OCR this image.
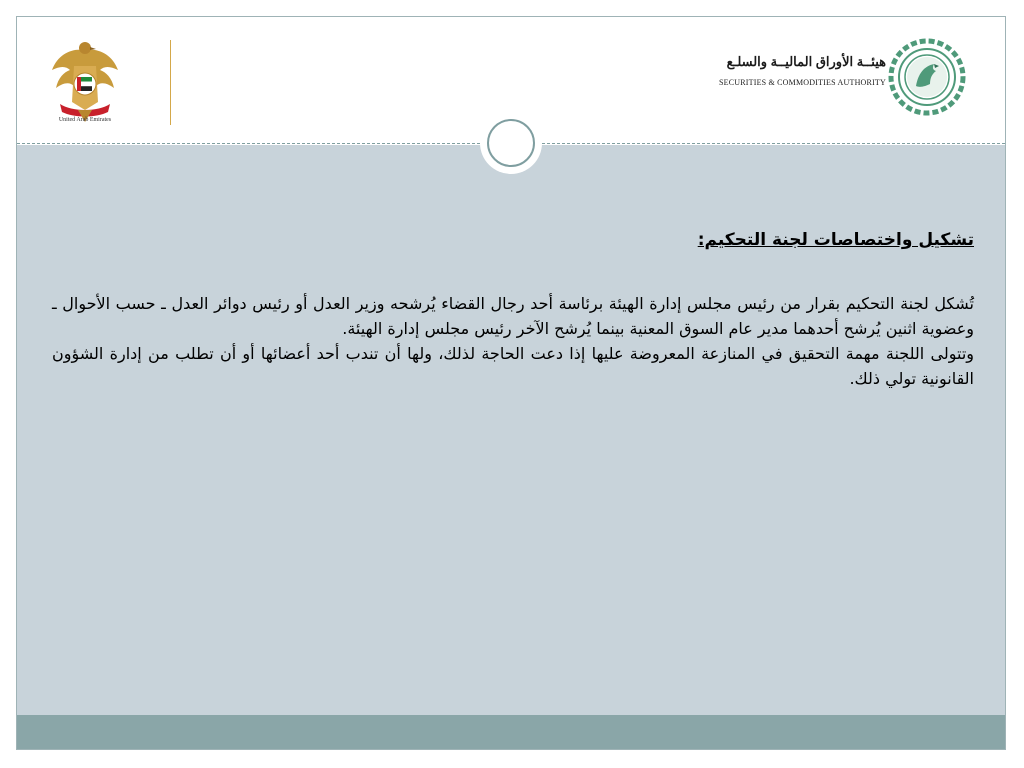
United Arab Emirates
هيئــة الأوراق الماليــة والسلـع
SECURITIES & COMMODITIES AUTHORITY

تشكيل واختصاصات لجنة التحكيم:

تُشكل لجنة التحكيم بقرار من رئيس مجلس إدارة الهيئة برئاسة أحد رجال القضاء يُرشحه وزير العدل أو رئيس دوائر العدل ـ حسب الأحوال ـ وعضوية اثنين يُرشح أحدهما مدير عام السوق المعنية بينما يُرشح الآخر رئيس مجلس إدارة الهيئة.

وتتولى اللجنة مهمة التحقيق في المنازعة المعروضة عليها إذا دعت الحاجة لذلك، ولها أن تندب أحد أعضائها أو أن تطلب من إدارة الشؤون القانونية تولي ذلك.
